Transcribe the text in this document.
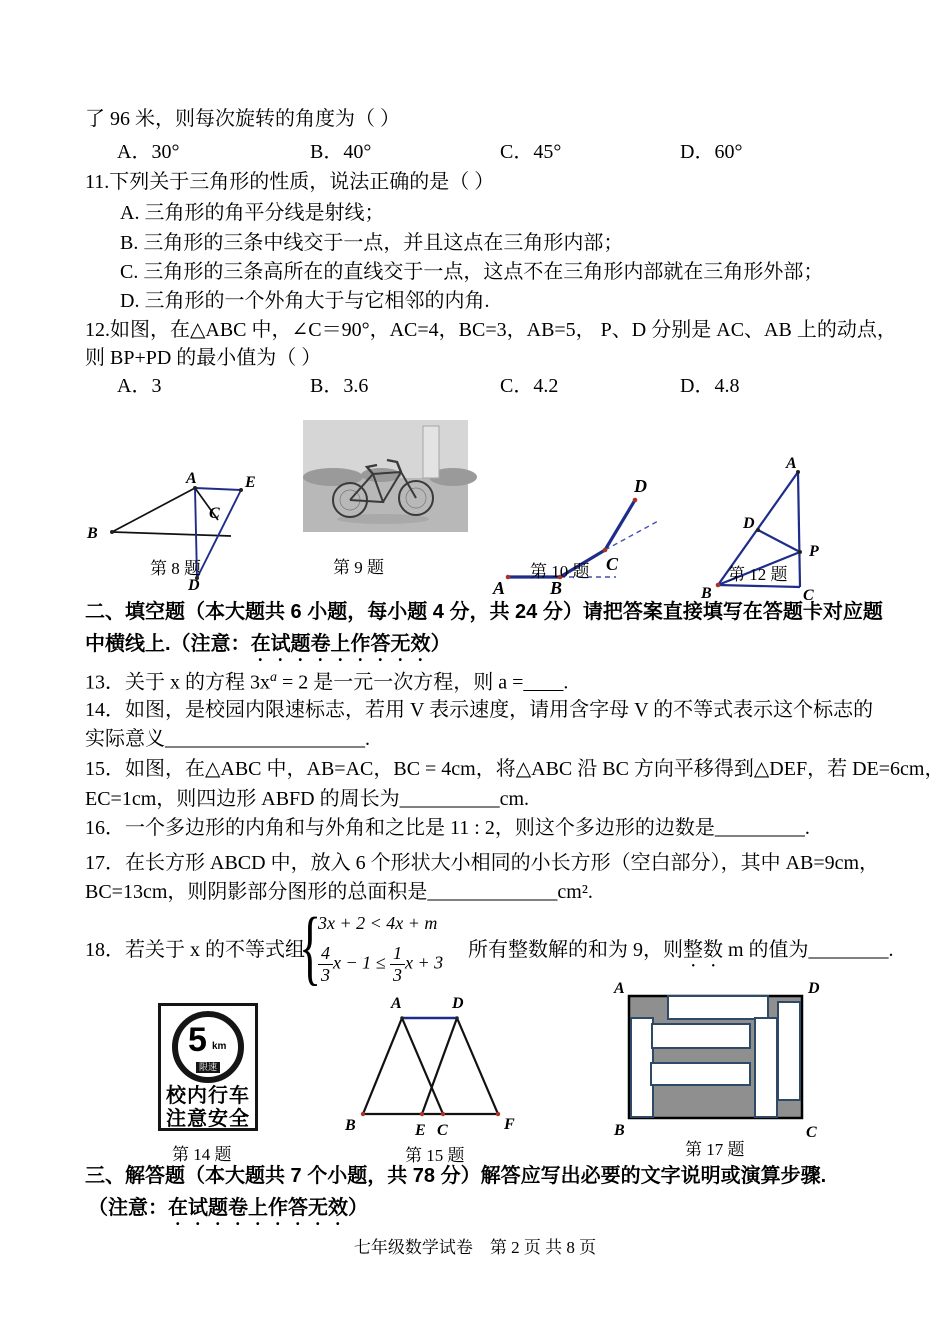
了 96 米，则每次旋转的角度为（ ）
A．30°	B．40°	C．45°	D．60°
11.下列关于三角形的性质，说法正确的是（ ）
A. 三角形的角平分线是射线；
B. 三角形的三条中线交于一点，并且这点在三角形内部；
C. 三角形的三条高所在的直线交于一点，这点不在三角形内部就在三角形外部；
D. 三角形的一个外角大于与它相邻的内角.
12.如图，在△ABC 中，∠C＝90°，AC=4，BC=3，AB=5， P、D 分别是 AC、AB 上的动点，
则 BP+PD 的最小值为（ ）
A．3	B．3.6	C．4.2	D．4.8
A
B
C
D
E
第 8 题	第 9 题
A B
C
D
第 10 题
A
B	C
D
P
第 12 题
二、填空题（本大题共 6 小题，每小题 4 分，共 24 分）请把答案直接填写在答题卡对应题
中横线上.（注意：在试题卷上作答无效）
13．关于 x 的方程 $3x^a = 2$ 是一元一次方程，则 a =____.
14．如图，是校园内限速标志，若用 V 表示速度，请用含字母 V 的不等式表示这个标志的
实际意义____________________.
15．如图，在△ABC 中，AB=AC，BC = 4cm，将△ABC 沿 BC 方向平移得到△DEF，若 DE=6cm，
EC=1cm，则四边形 ABFD 的周长为__________cm.
16．一个多边形的内角和与外角和之比是 11 : 2，则这个多边形的边数是_________.
17．在长方形 ABCD 中，放入 6 个形状大小相同的小长方形（空白部分），其中 AB=9cm，
BC=13cm，则阴影部分图形的总面积是_____________cm².
18．若关于 x 的不等式组
{
3x + 2 < 4x + m
$\frac{4}{3}$ $x - 1 \le \frac{1}{3}$ x + 3
所有整数解的和为 9，则整数 m 的值为________.
5 km
限速
校内行车
注意安全
第 14 题
A	D
B	E C	F
第 15 题
A	D
B	C
第 17 题
三、解答题（本大题共 7 个小题，共 78 分）解答应写出必要的文字说明或演算步骤.
（注意：在试题卷上作答无效）
七年级数学试卷　第 2 页 共 8 页
